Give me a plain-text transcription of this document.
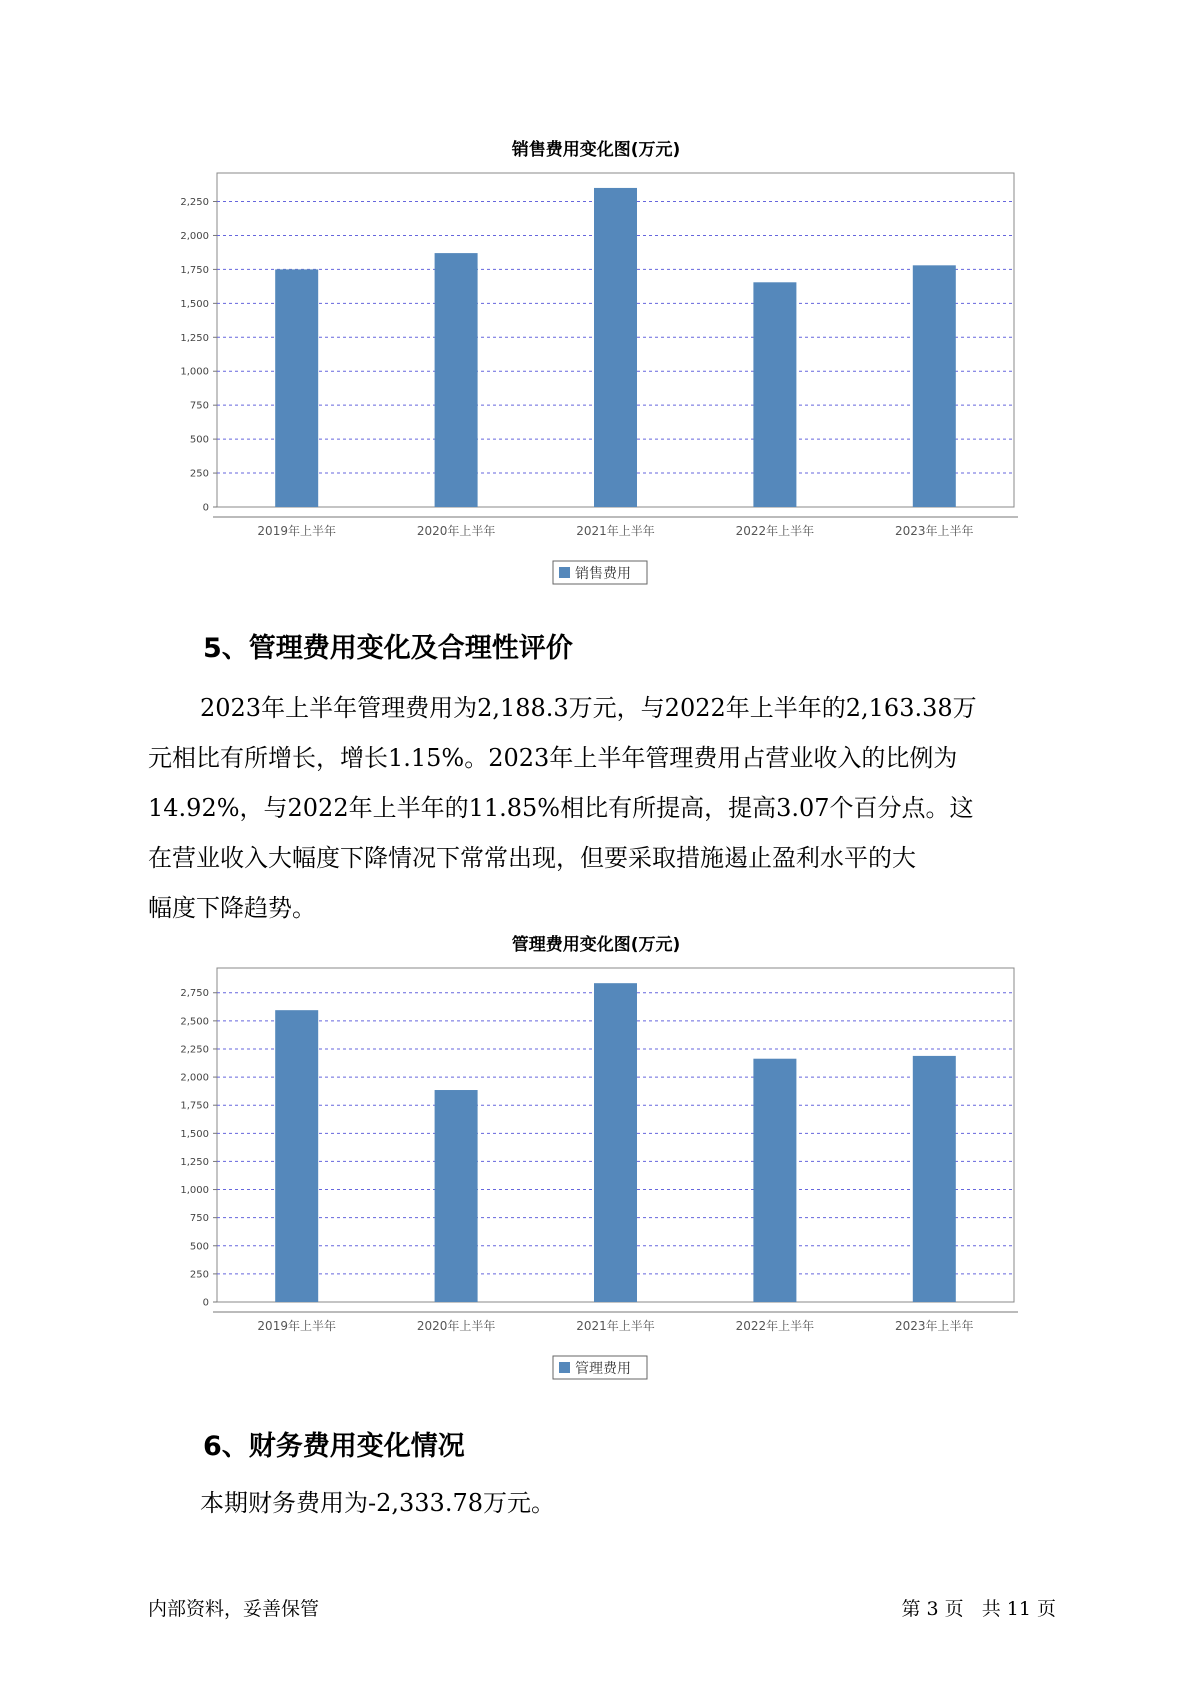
销售费用变化图(万元)
0
250
500
750
1,000
1,250
1,500
1,750
2,000
2,250
2019年上半年	2020年上半年	2021年上半年	2022年上半年	2023年上半年
销售费用
5、管理费用变化及合理性评价

2023年上半年管理费用为2,188.3万元，与2022年上半年的2,163.38万
元相比有所增长，增长1.15%。2023年上半年管理费用占营业收入的比例为
14.92%，与2022年上半年的11.85%相比有所提高，提高3.07个百分点。这
在营业收入大幅度下降情况下常常出现，但要采取措施遏止盈利水平的大
幅度下降趋势。

管理费用变化图(万元)
0
250
500
750
1,000
1,250
1,500
1,750
2,000
2,250
2,500
2,750
2019年上半年	2020年上半年	2021年上半年	2022年上半年	2023年上半年
管理费用
6、财务费用变化情况

本期财务费用为-2,333.78万元。

内部资料，妥善保管	第 3 页   共 11 页
